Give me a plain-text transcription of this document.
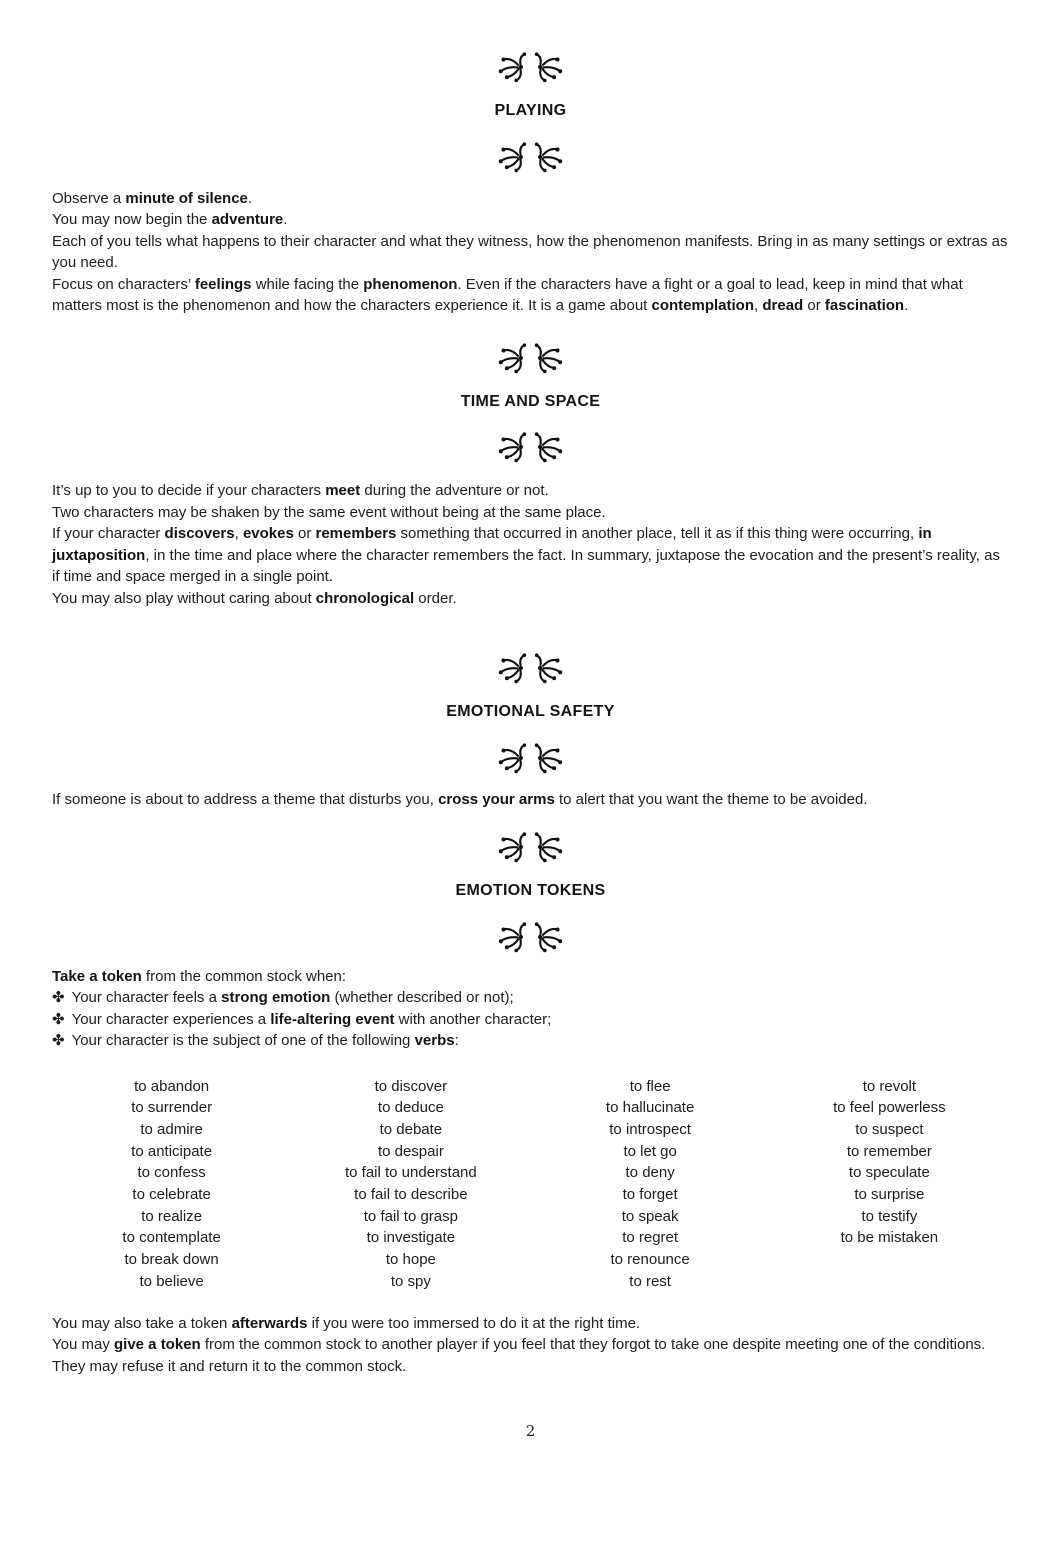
PLAYING

Observe a minute of silence.

You may now begin the adventure.

Each of you tells what happens to their character and what they witness, how the phenomenon manifests. Bring in as many settings or extras as you need.

Focus on characters’ feelings while facing the phenomenon. Even if the characters have a fight or a goal to lead, keep in mind that what matters most is the phenomenon and how the characters experience it. It is a game about contemplation, dread or fascination.

TIME AND SPACE

It’s up to you to decide if your characters meet during the adventure or not.

Two characters may be shaken by the same event without being at the same place.

If your character discovers, evokes or remembers something that occurred in another place, tell it as if this thing were occurring, in juxtaposition, in the time and place where the character remembers the fact. In summary, juxtapose the evocation and the present’s reality, as if time and space merged in a single point.

You may also play without caring about chronological order.

EMOTIONAL SAFETY

If someone is about to address a theme that disturbs you, cross your arms to alert that you want the theme to be avoided.

EMOTION TOKENS

Take a token from the common stock when:

✤ Your character feels a strong emotion (whether described or not);

✤ Your character experiences a life-altering event with another character;

✤ Your character is the subject of one of the following verbs:

to abandon
to surrender
to admire
to anticipate
to confess
to celebrate
to realize
to contemplate
to break down
to believe
to discover
to deduce
to debate
to despair
to fail to understand
to fail to describe
to fail to grasp
to investigate
to hope
to spy
to flee
to hallucinate
to introspect
to let go
to deny
to forget
to speak
to regret
to renounce
to rest
to revolt
to feel powerless
to suspect
to remember
to speculate
to surprise
to testify
to be mistaken

You may also take a token afterwards if you were too immersed to do it at the right time.

You may give a token from the common stock to another player if you feel that they forgot to take one despite meeting one of the conditions. They may refuse it and return it to the common stock.

2
